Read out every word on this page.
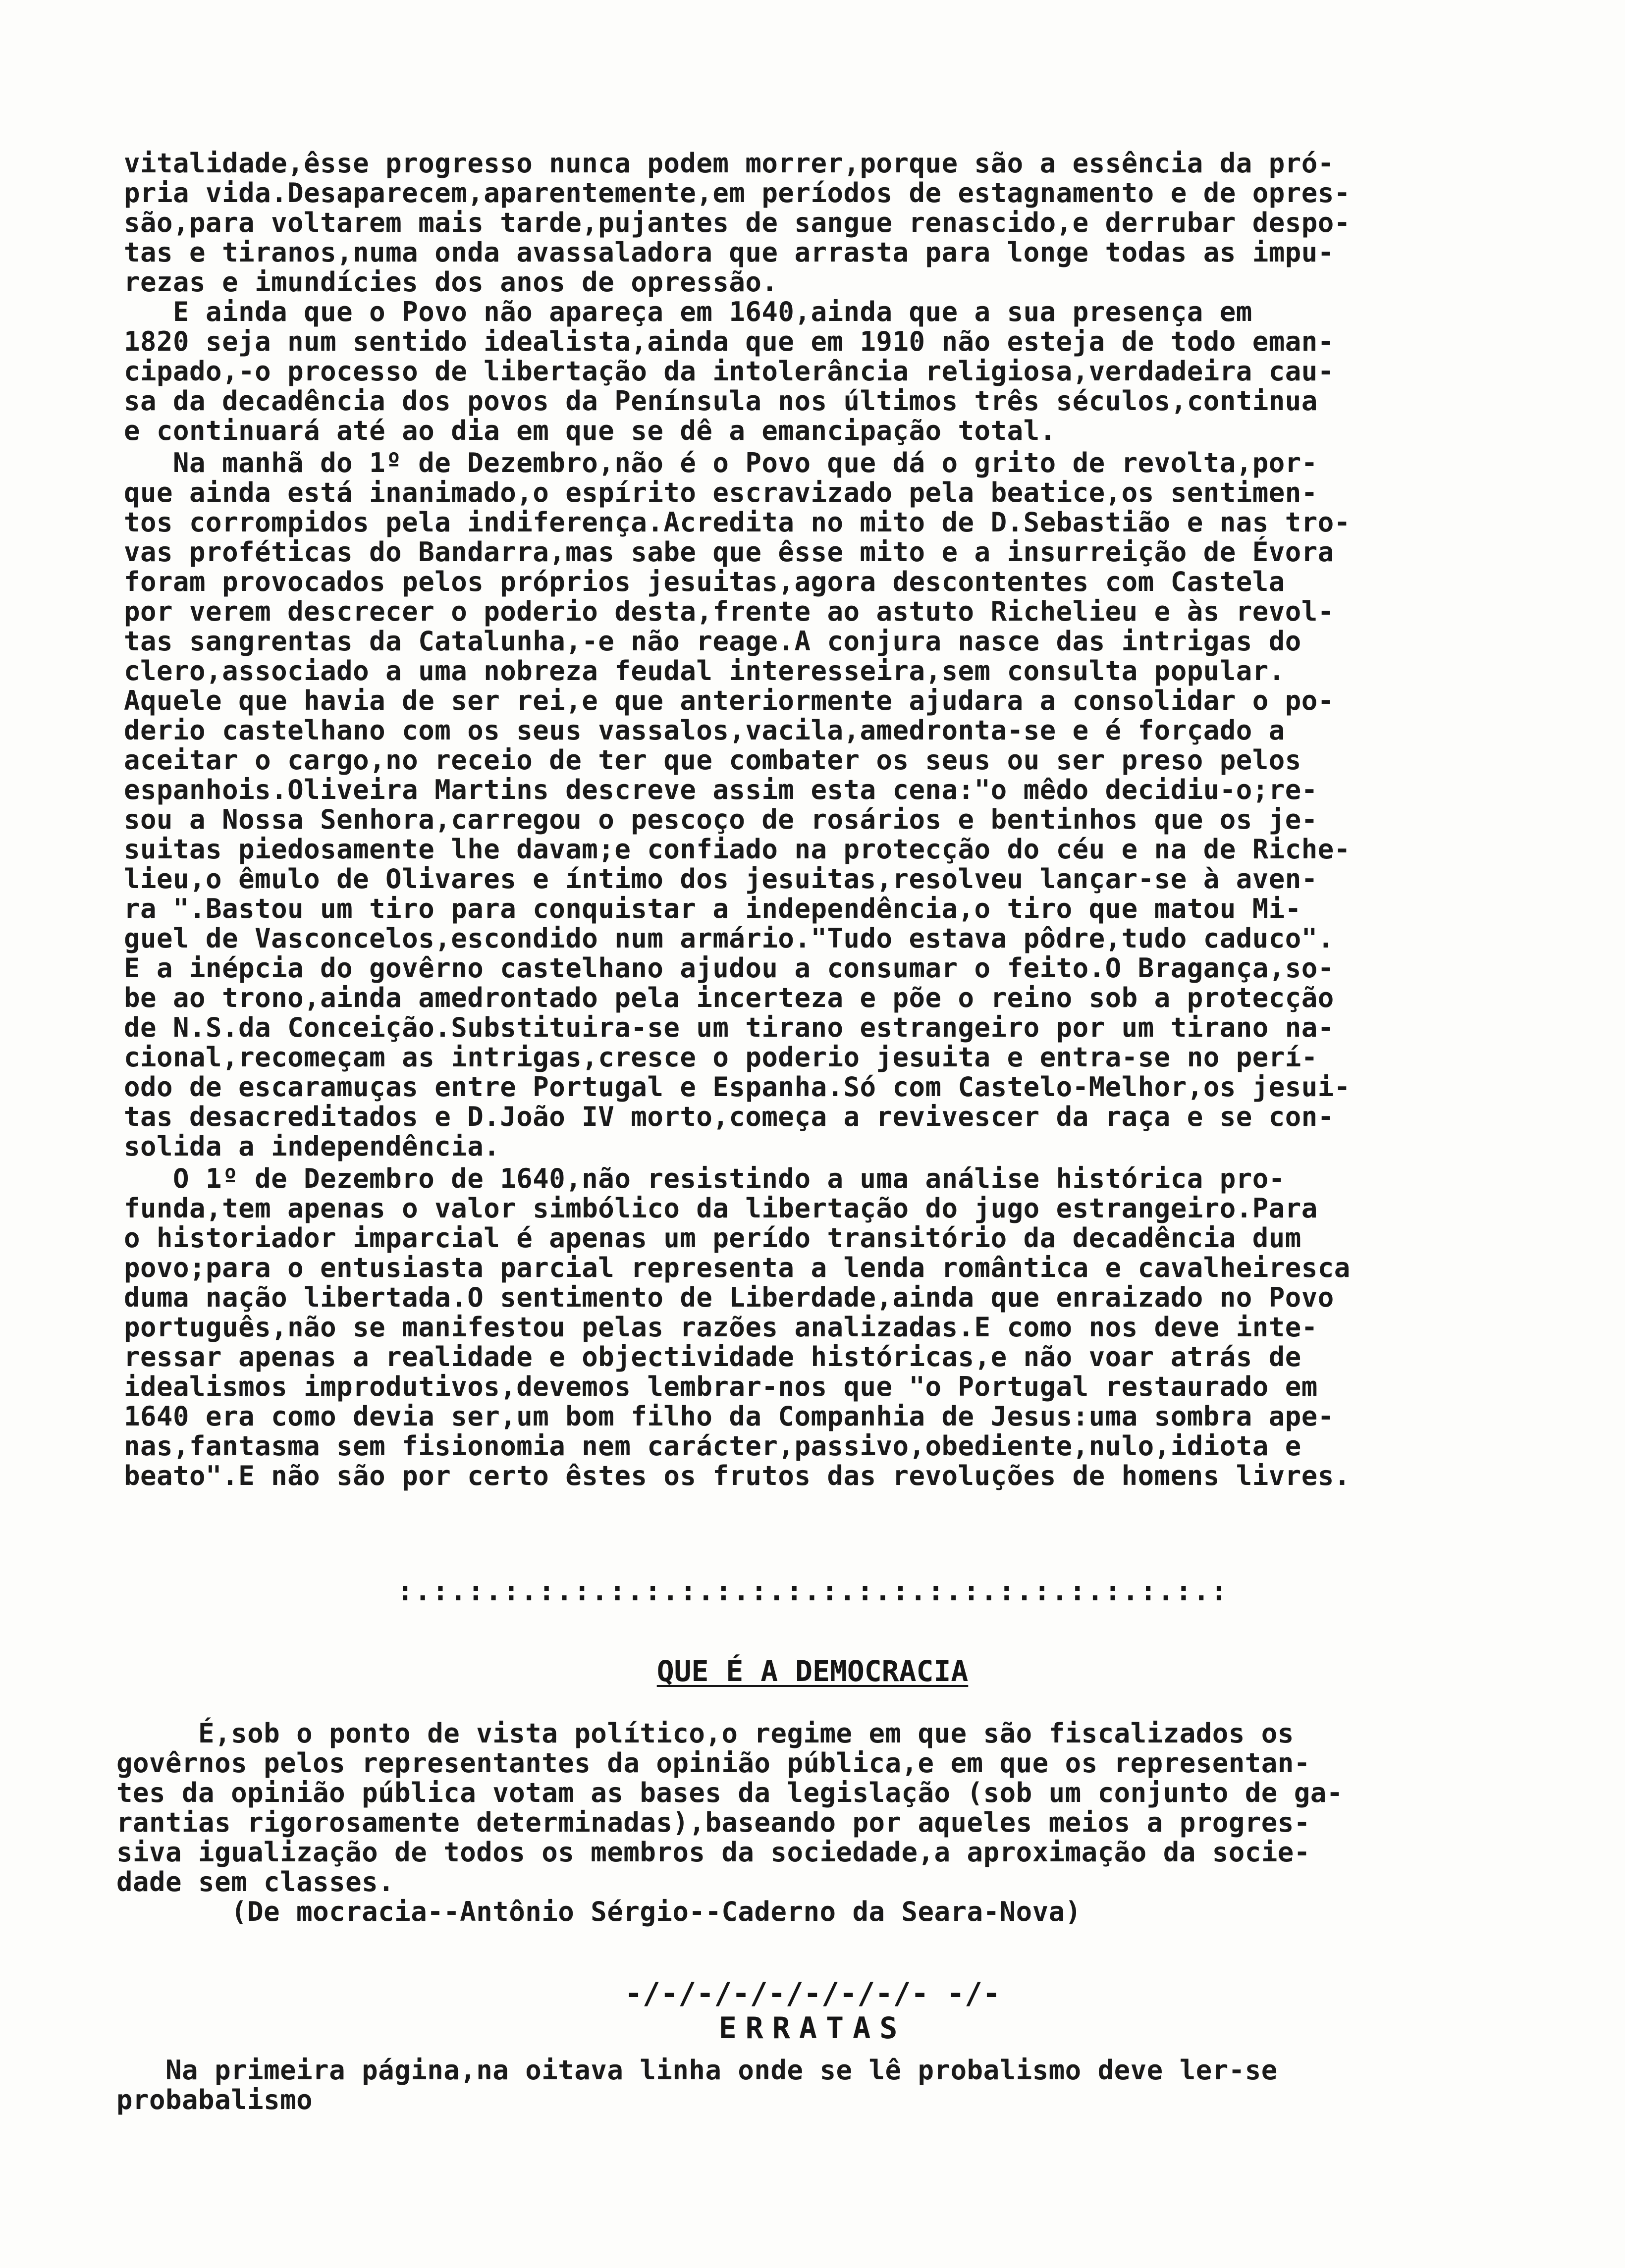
vitalidade,êsse progresso nunca podem morrer,porque são a essência da pró-
pria vida.Desaparecem,aparentemente,em períodos de estagnamento e de opres-
são,para voltarem mais tarde,pujantes de sangue renascido,e derrubar despo-
tas e tiranos,numa onda avassaladora que arrasta para longe todas as impu-
rezas e imundícies dos anos de opressão.
E ainda que o Povo não apareça em 1640,ainda que a sua presença em
1820 seja num sentido idealista,ainda que em 1910 não esteja de todo eman-
cipado,-o processo de libertação da intolerância religiosa,verdadeira cau-
sa da decadência dos povos da Península nos últimos três séculos,continua
e continuará até ao dia em que se dê a emancipação total.
Na manhã do 1º de Dezembro,não é o Povo que dá o grito de revolta,por-
que ainda está inanimado,o espírito escravizado pela beatice,os sentimen-
tos corrompidos pela indiferença.Acredita no mito de D.Sebastião e nas tro-
vas proféticas do Bandarra,mas sabe que êsse mito e a insurreição de Évora
foram provocados pelos próprios jesuitas,agora descontentes com Castela
por verem descrecer o poderio desta,frente ao astuto Richelieu e às revol-
tas sangrentas da Catalunha,-e não reage.A conjura nasce das intrigas do
clero,associado a uma nobreza feudal interesseira,sem consulta popular.
Aquele que havia de ser rei,e que anteriormente ajudara a consolidar o po-
derio castelhano com os seus vassalos,vacila,amedronta-se e é forçado a
aceitar o cargo,no receio de ter que combater os seus ou ser preso pelos
espanhois.Oliveira Martins descreve assim esta cena:"o mêdo decidiu-o;re-
sou a Nossa Senhora,carregou o pescoço de rosários e bentinhos que os je-
suitas piedosamente lhe davam;e confiado na protecção do céu e na de Riche-
lieu,o êmulo de Olivares e íntimo dos jesuitas,resolveu lançar-se à aven-
ra ".Bastou um tiro para conquistar a independência,o tiro que matou Mi-
guel de Vasconcelos,escondido num armário."Tudo estava pôdre,tudo caduco".
E a inépcia do govêrno castelhano ajudou a consumar o feito.O Bragança,so-
be ao trono,ainda amedrontado pela incerteza e põe o reino sob a protecção
de N.S.da Conceição.Substituira-se um tirano estrangeiro por um tirano na-
cional,recomeçam as intrigas,cresce o poderio jesuita e entra-se no perí-
odo de escaramuças entre Portugal e Espanha.Só com Castelo-Melhor,os jesui-
tas desacreditados e D.João IV morto,começa a revivescer da raça e se con-
solida a independência.
O 1º de Dezembro de 1640,não resistindo a uma análise histórica pro-
funda,tem apenas o valor simbólico da libertação do jugo estrangeiro.Para
o historiador imparcial é apenas um perído transitório da decadência dum
povo;para o entusiasta parcial representa a lenda romântica e cavalheiresca
duma nação libertada.O sentimento de Liberdade,ainda que enraizado no Povo
português,não se manifestou pelas razões analizadas.E como nos deve inte-
ressar apenas a realidade e objectividade históricas,e não voar atrás de
idealismos improdutivos,devemos lembrar-nos que "o Portugal restaurado em
1640 era como devia ser,um bom filho da Companhia de Jesus:uma sombra ape-
nas,fantasma sem fisionomia nem carácter,passivo,obediente,nulo,idiota e
beato".E não são por certo êstes os frutos das revoluções de homens livres.
:.:.:.:.:.:.:.:.:.:.:.:.:.:.:.:.:.:.:.:.:.:.:.:
QUE É A DEMOCRACIA
É,sob o ponto de vista político,o regime em que são fiscalizados os
govêrnos pelos representantes da opinião pública,e em que os representan-
tes da opinião pública votam as bases da legislação (sob um conjunto de ga-
rantias rigorosamente determinadas),baseando por aqueles meios a progres-
siva igualização de todos os membros da sociedade,a aproximação da socie-
dade sem classes.
(De mocracia--Antônio Sérgio--Caderno da Seara-Nova)
-/-/-/-/-/-/-/-/- -/-
ERRATAS
Na primeira página,na oitava linha onde se lê probalismo deve ler-se
probabalismo
